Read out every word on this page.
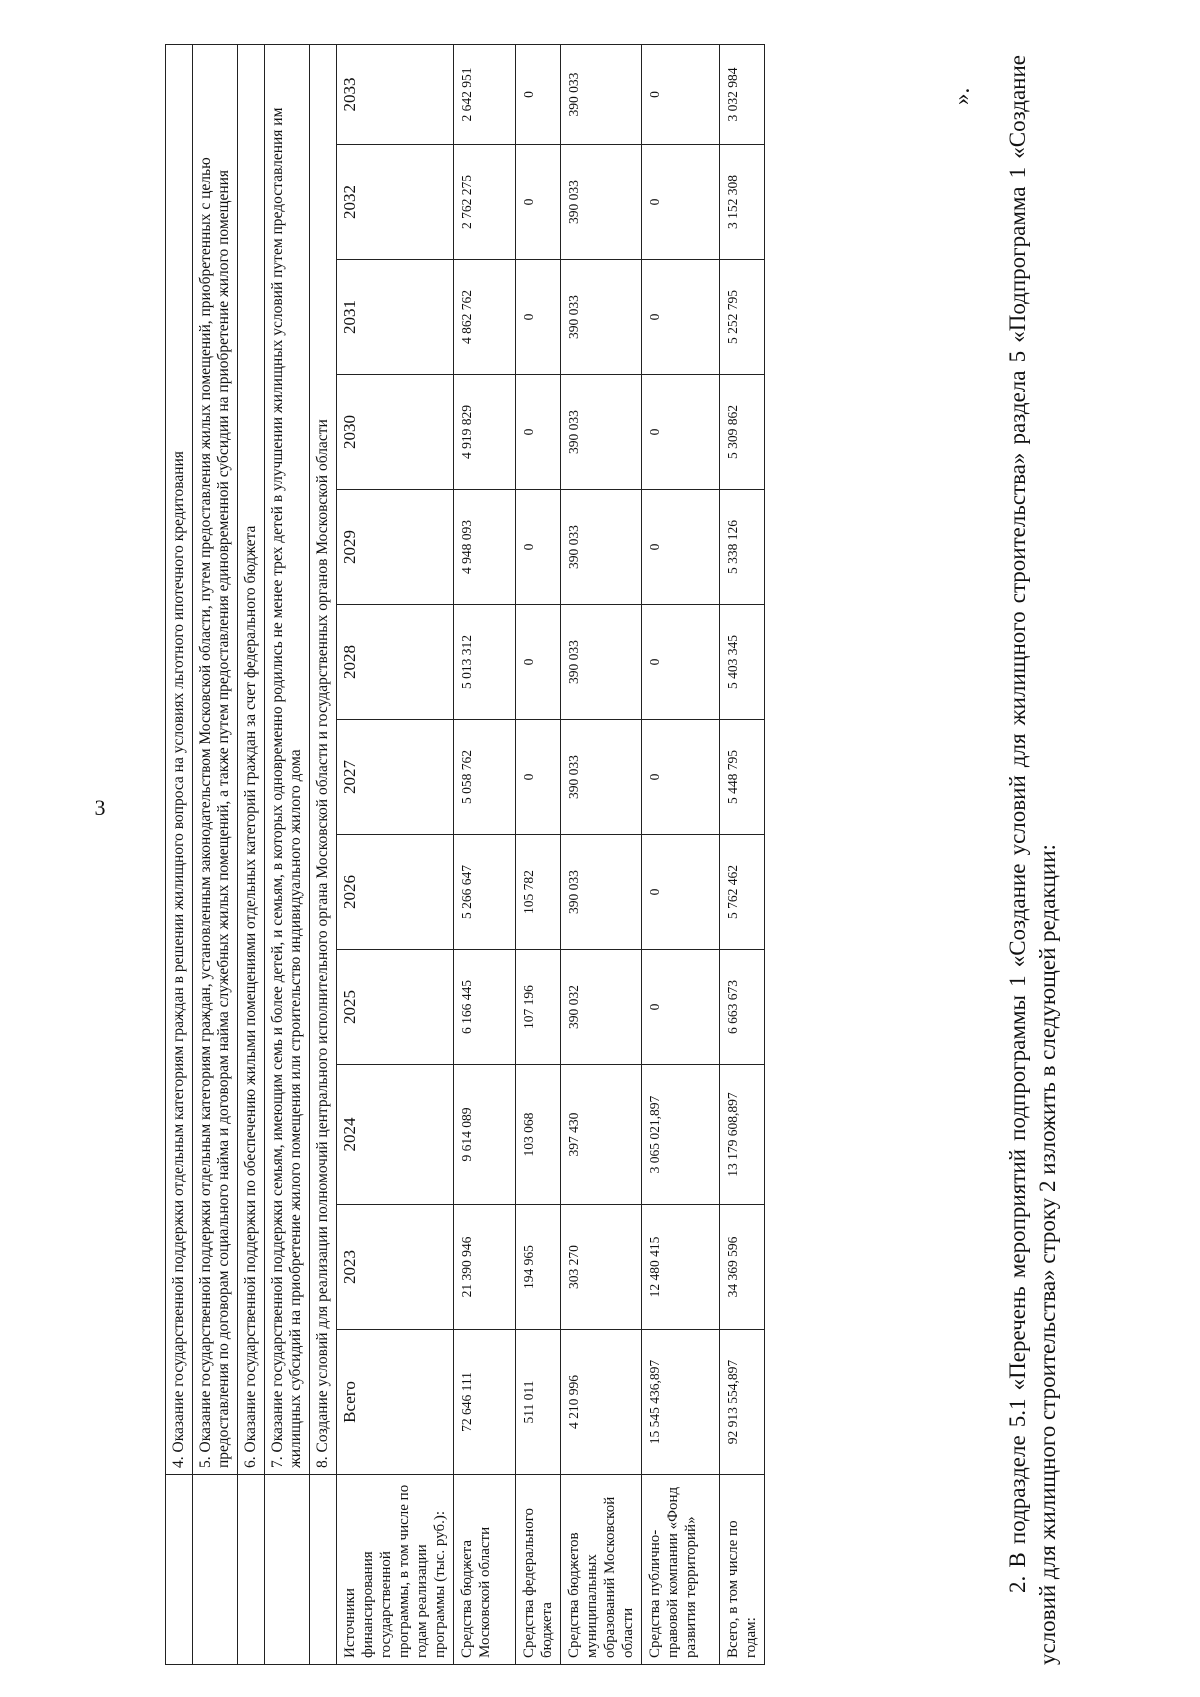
3
		4. Оказание государственной поддержки отдельным категориям граждан в решении жилищного вопроса на условиях льготного ипотечного кредитования											
	5. Оказание государственной поддержки отдельным категориям граждан, установленным законодательством Московской области, путем предоставления жилых помещений, приобретенных с целью предоставления по договорам социального найма и договорам найма служебных жилых помещений, а также путем предоставления единовременной субсидии на приобретение жилого помещения											
	6. Оказание государственной поддержки по обеспечению жилыми помещениями отдельных категорий граждан за счет федерального бюджета											
	7. Оказание государственной поддержки семьям, имеющим семь и более детей, и семьям, в которых одновременно родились не менее трех детей в улучшении жилищных условий путем предоставления им жилищных субсидий на приобретение жилого помещения или строительство индивидуального жилого дома											
	8. Создание условий для реализации полномочий центрального исполнительного органа Московской области и государственных органов Московской области											
Источники финансирования государственной программы, в том числе по годам реализации программы (тыс. руб.):	Всего	2023	2024	2025	2026	2027	2028	2029	2030	2031	2032	2033
Средства бюджета Московской области	72 646 111	21 390 946	9 614 089	6 166 445	5 266 647	5 058 762	5 013 312	4 948 093	4 919 829	4 862 762	2 762 275	2 642 951
Средства федерального бюджета	511 011	194 965	103 068	107 196	105 782	0	0	0	0	0	0	0
Средства бюджетов муниципальных образований Московской области	4 210 996	303 270	397 430	390 032	390 033	390 033	390 033	390 033	390 033	390 033	390 033	390 033
Средства публично-правовой компании «Фонд развития территорий»	15 545 436,897	12 480 415	3 065 021,897	0	0	0	0	0	0	0	0	0
Всего, в том числе по годам:	92 913 554,897	34 369 596	13 179 608,897	6 663 673	5 762 462	5 448 795	5 403 345	5 338 126	5 309 862	5 252 795	3 152 308	3 032 984	». 2. В подразделе 5.1 «Перечень мероприятий подпрограммы 1 «Создание условий для жилищного строительства» раздела 5 «Подпрограмма 1 «Создание условий для жилищного строительства» строку 2 изложить в следующей редакции:
